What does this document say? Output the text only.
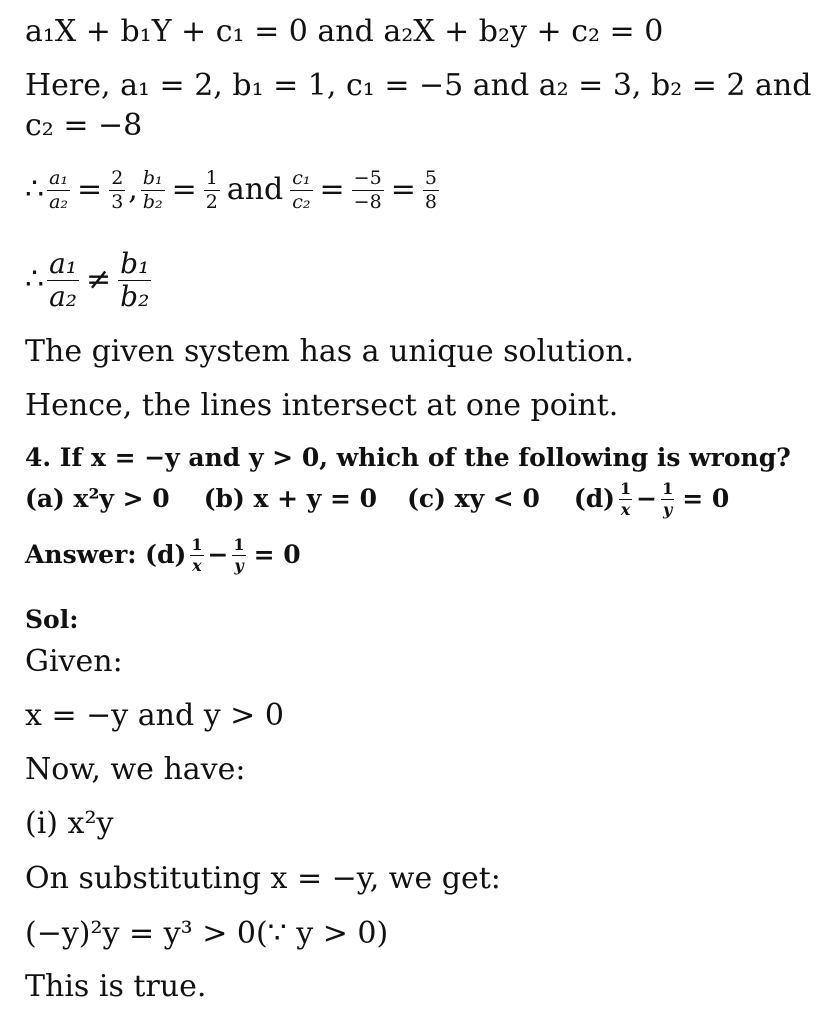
a₁X + b₁Y + c₁ = 0 and a₂X + b₂y + c₂ = 0
Here, a₁ = 2, b₁ = 1, c₁ = −5 and a₂ = 3, b₂ = 2 and
c₂ = −8
∴ $\frac{\text{a₁}}{\text{a₂}} = \frac{2}{3}$ , $\frac{\text{b₁}}{\text{b₂}} = \frac{1}{2}$ and $\frac{\text{c₁}}{\text{c₂}} = \frac{-5}{-8} = \frac{5}{8}$
∴ $\frac{\text{a₁}}{\text{a₂}} \ne \frac{\text{b₁}}{\text{b₂}}$
The given system has a unique solution.
Hence, the lines intersect at one point.
4. If x = −y and y > 0, which of the following is wrong?
(a) x²y > 0 (b) x + y = 0 (c) xy < 0 $(d) \frac{1}{x} - \frac{1}{y} = 0$
Answer: $(d) \frac{1}{x} - \frac{1}{y} = 0$
Sol:
Given:
x = −y and y > 0
Now, we have:
(i) x²y
On substituting x = −y, we get:
(−y)²y = y³ > 0(∵ y > 0)
This is true.
